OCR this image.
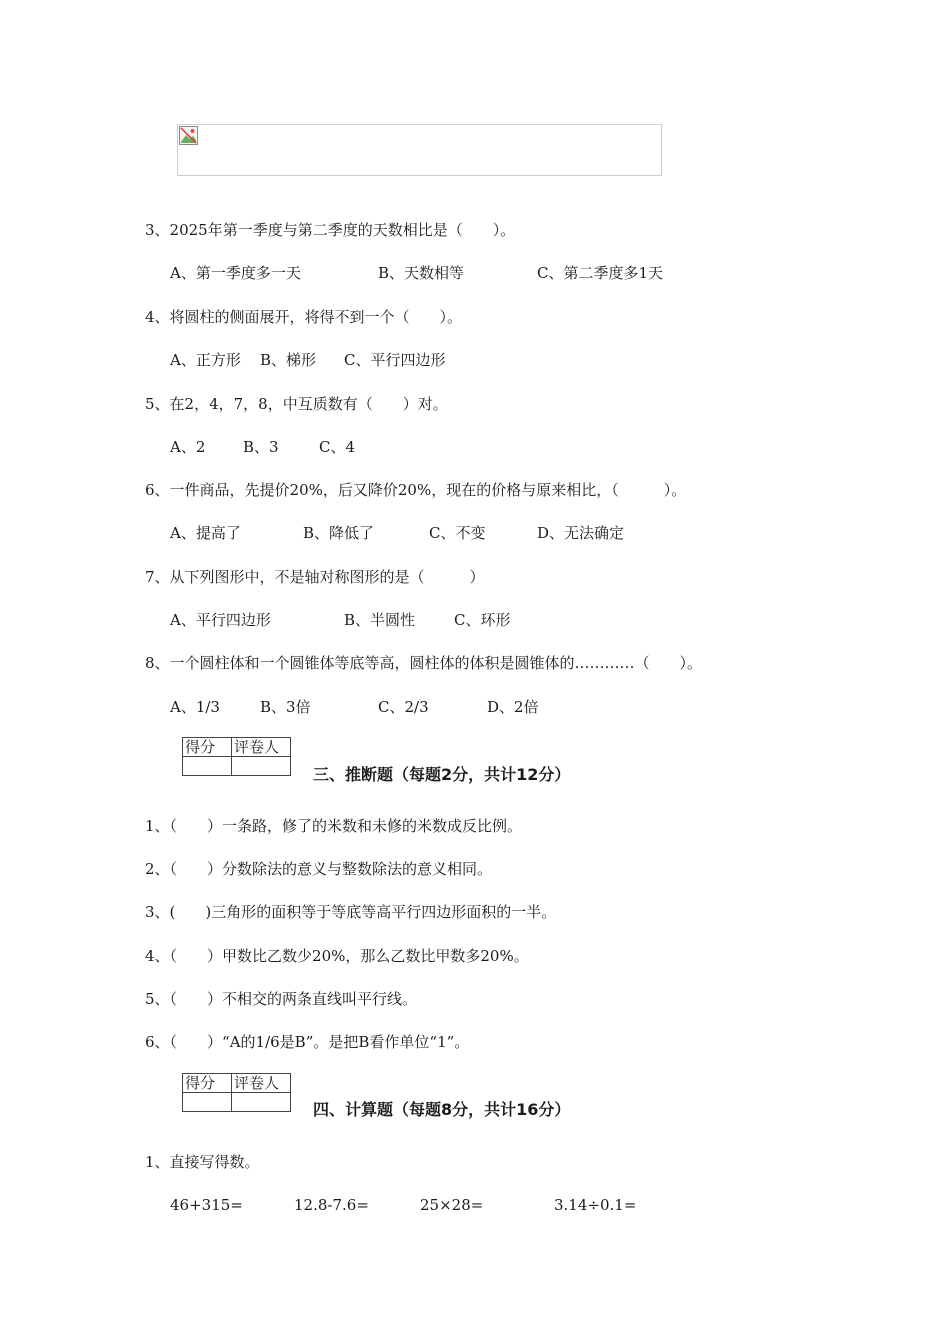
3、2025年第一季度与第二季度的天数相比是（　　）。
A、第一季度多一天	B、天数相等	C、第二季度多1天
4、将圆柱的侧面展开，将得不到一个（　　）。
A、正方形 B、梯形 C、平行四边形
5、在2，4，7，8，中互质数有（　　）对。
A、2	B、3	C、4
6、一件商品，先提价20%，后又降价20%，现在的价格与原来相比，（　　　）。
A、提高了	B、降低了	C、不变	D、无法确定
7、从下列图形中，不是轴对称图形的是（　　　）
A、平行四边形	B、半圆性	C、环形
8、一个圆柱体和一个圆锥体等底等高，圆柱体的体积是圆锥体的…………（　　）。
A、1/3	B、3倍	C、2/3	D、2倍
得分	评卷人

三、推断题（每题2分，共计12分）
1、（　　）一条路，修了的米数和未修的米数成反比例。
2、（　　）分数除法的意义与整数除法的意义相同。
3、(　　)三角形的面积等于等底等高平行四边形面积的一半。
4、（　　）甲数比乙数少20%，那么乙数比甲数多20%。
5、（　　）不相交的两条直线叫平行线。
6、（　　）“A的1/6是B”。是把B看作单位“1”。
得分	评卷人

四、计算题（每题8分，共计16分）
1、直接写得数。
46+315=	12.8-7.6=	25×28=	3.14÷0.1=
